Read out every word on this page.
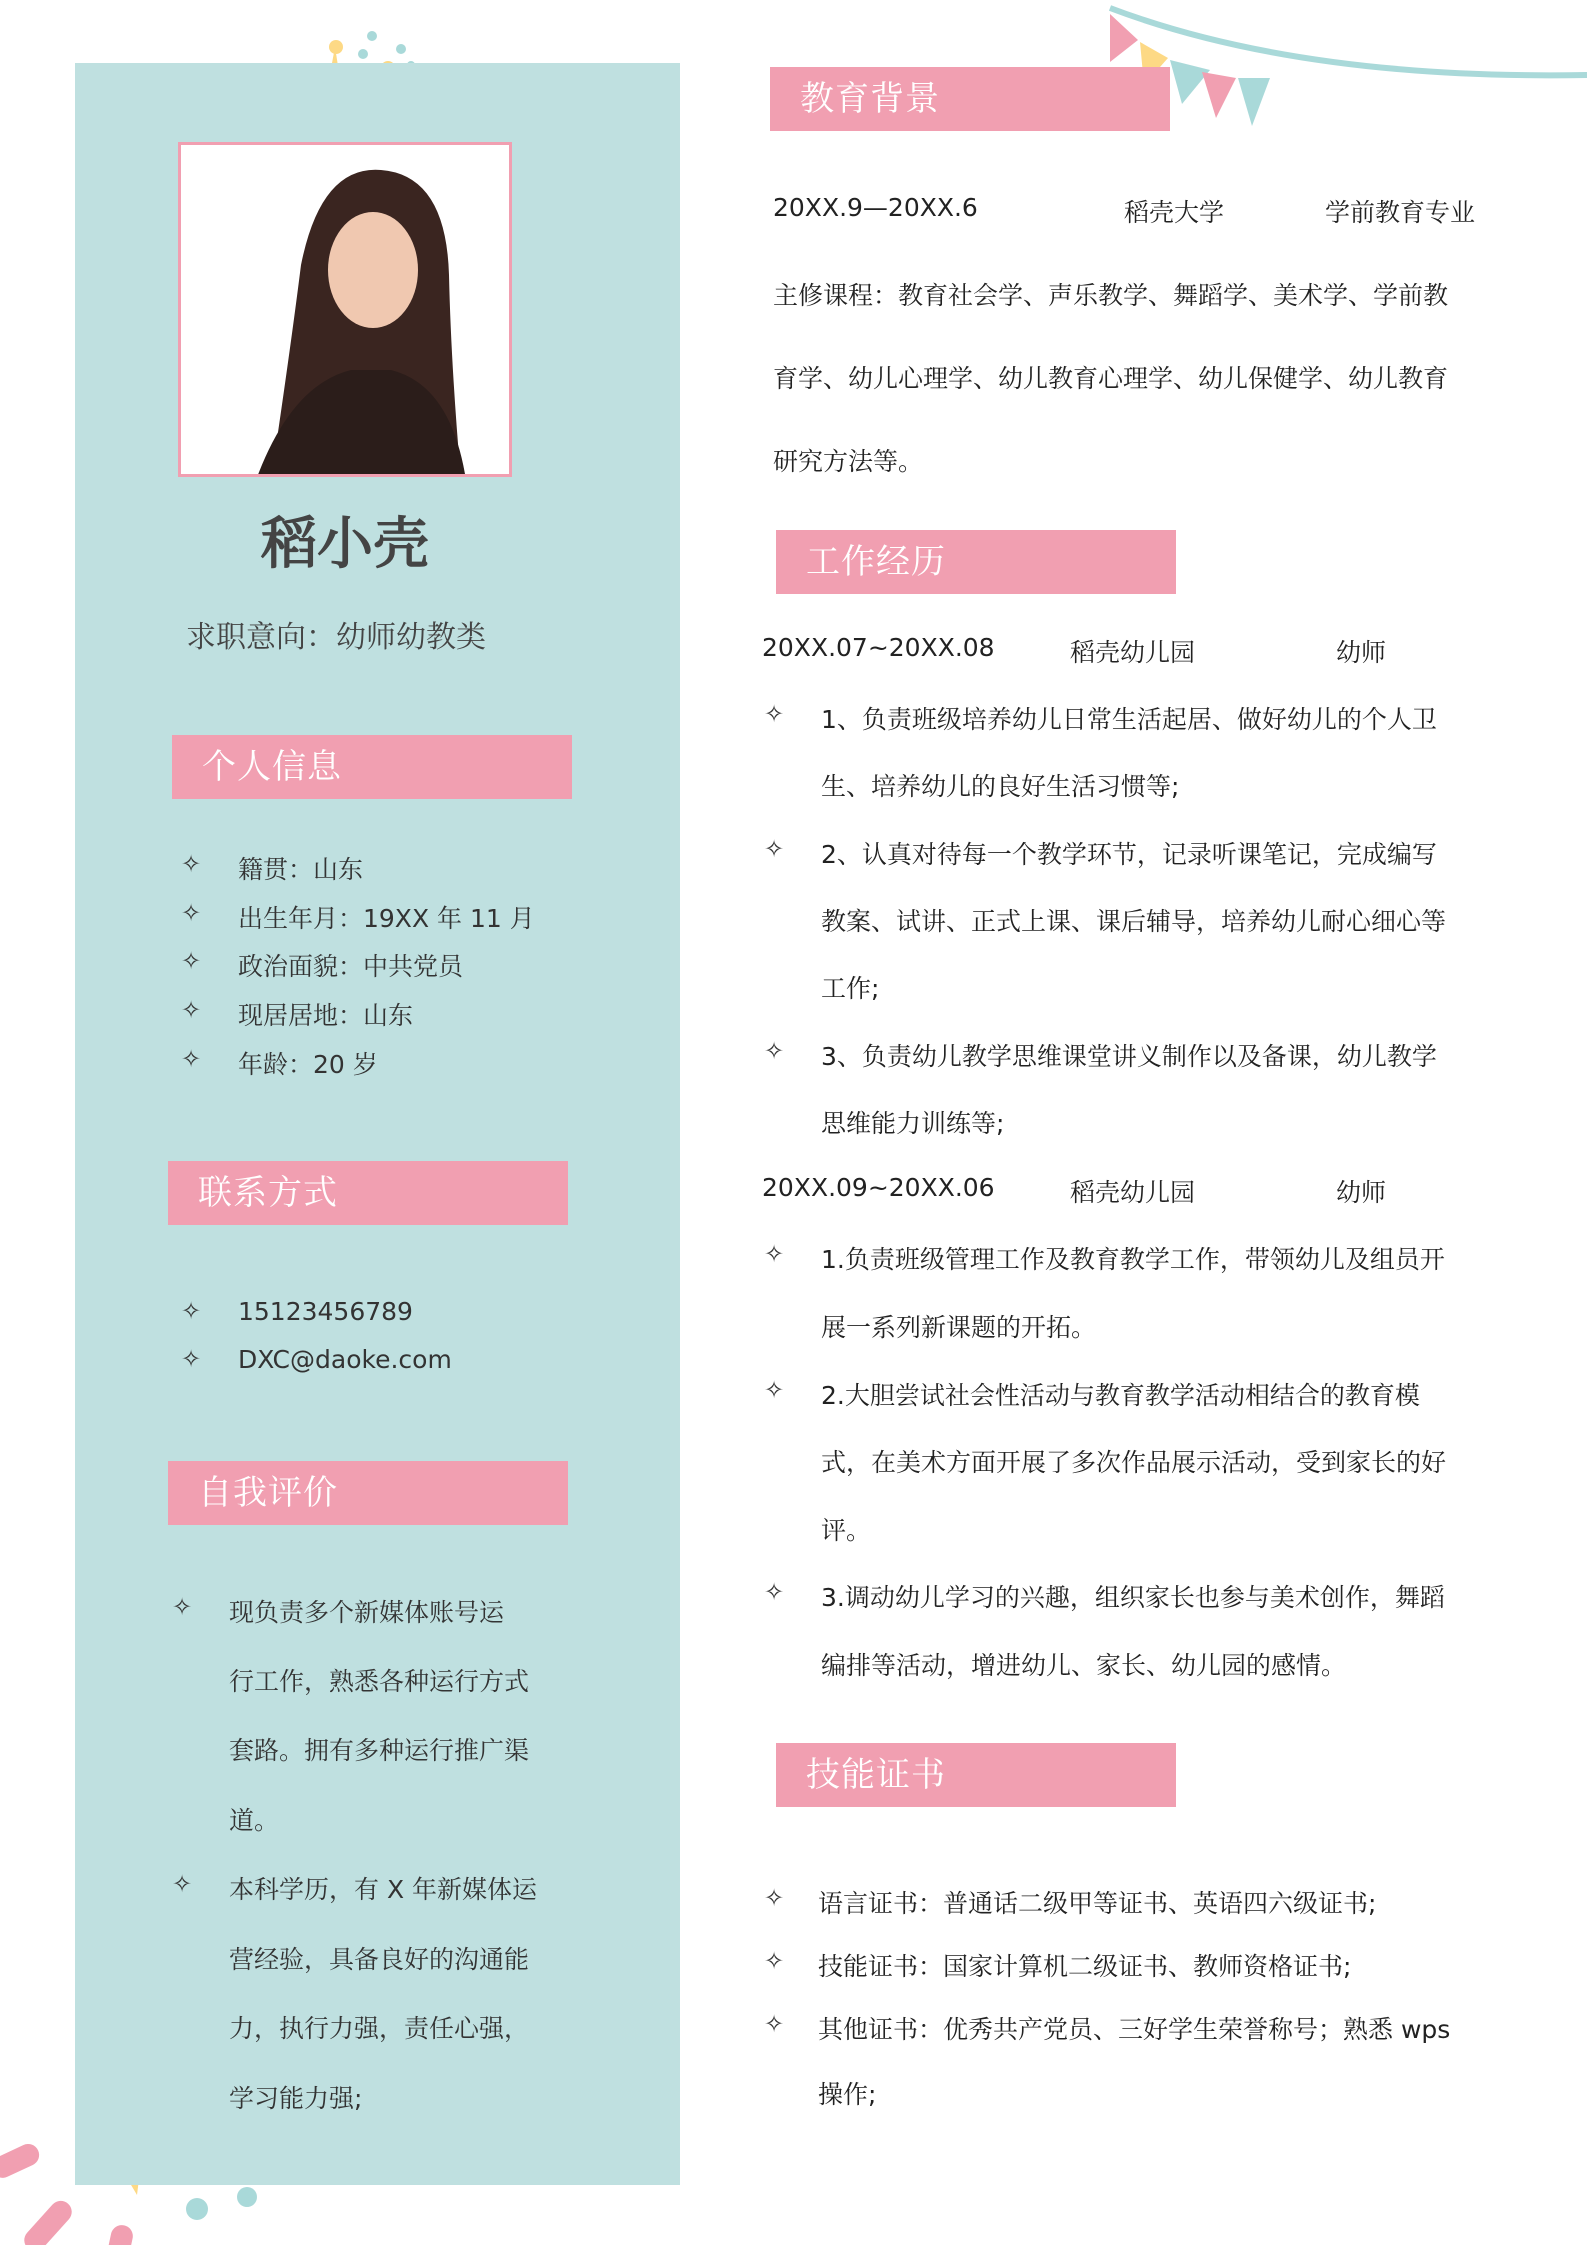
稻小壳
求职意向：幼师幼教类
个人信息
✧ 籍贯：山东
✧ 出生年月：19XX 年 11 月
✧ 政治面貌：中共党员
✧ 现居居地：山东
✧ 年龄：20 岁
联系方式
✧ 15123456789
✧ DXC@daoke.com
自我评价
✧ 现负责多个新媒体账号运
行工作，熟悉各种运行方式
套路。拥有多种运行推广渠
道。
✧ 本科学历，有 X 年新媒体运
营经验，具备良好的沟通能
力，执行力强，责任心强，
学习能力强;
教育背景
20XX.9—20XX.6	稻壳大学	学前教育专业
主修课程：教育社会学、声乐教学、舞蹈学、美术学、学前教
育学、幼儿心理学、幼儿教育心理学、幼儿保健学、幼儿教育
研究方法等。
工作经历
20XX.07~20XX.08	稻壳幼儿园	幼师
✧ 1、负责班级培养幼儿日常生活起居、做好幼儿的个人卫
生、培养幼儿的良好生活习惯等;
✧ 2、认真对待每一个教学环节，记录听课笔记，完成编写
教案、试讲、正式上课、课后辅导，培养幼儿耐心细心等
工作;
✧ 3、负责幼儿教学思维课堂讲义制作以及备课，幼儿教学
思维能力训练等;
20XX.09~20XX.06	稻壳幼儿园	幼师
✧ 1.负责班级管理工作及教育教学工作，带领幼儿及组员开
展一系列新课题的开拓。
✧ 2.大胆尝试社会性活动与教育教学活动相结合的教育模
式，在美术方面开展了多次作品展示活动，受到家长的好
评。
✧ 3.调动幼儿学习的兴趣，组织家长也参与美术创作，舞蹈
编排等活动，增进幼儿、家长、幼儿园的感情。
技能证书
✧ 语言证书：普通话二级甲等证书、英语四六级证书;
✧ 技能证书：国家计算机二级证书、教师资格证书;
✧ 其他证书：优秀共产党员、三好学生荣誉称号；熟悉 wps
操作;
